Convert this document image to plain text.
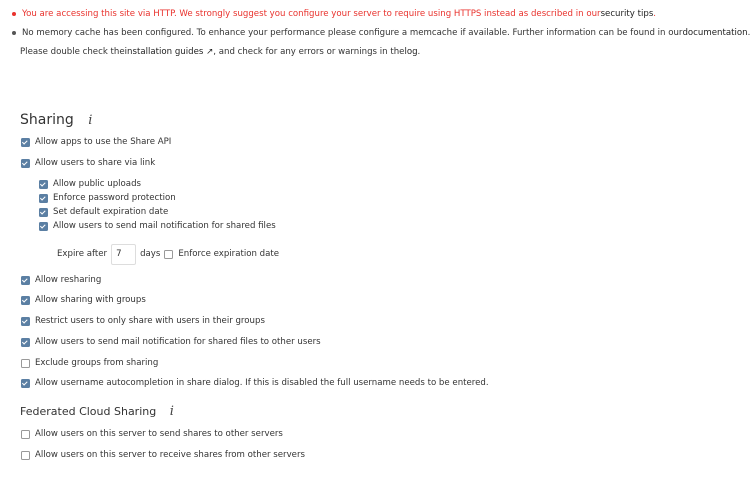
You are accessing this site via HTTP. We strongly suggest you configure your server to require using HTTPS instead as described in our security tips .
No memory cache has been configured. To enhance your performance please configure a memcache if available. Further information can be found in our documentation
Please double check the installation guides ↗ , and check for any errors or warnings in the log .
Sharing i
Allow apps to use the Share API
Allow users to share via link
Allow public uploads
Enforce password protection
Set default expiration date
Allow users to send mail notification for shared files
Expire after	7	days Enforce expiration date
Allow resharing
Allow sharing with groups
Restrict users to only share with users in their groups
Allow users to send mail notification for shared files to other users
Exclude groups from sharing
Allow username autocompletion in share dialog. If this is disabled the full username needs to be entered.
Federated Cloud Sharing i
Allow users on this server to send shares to other servers
Allow users on this server to receive shares from other servers
